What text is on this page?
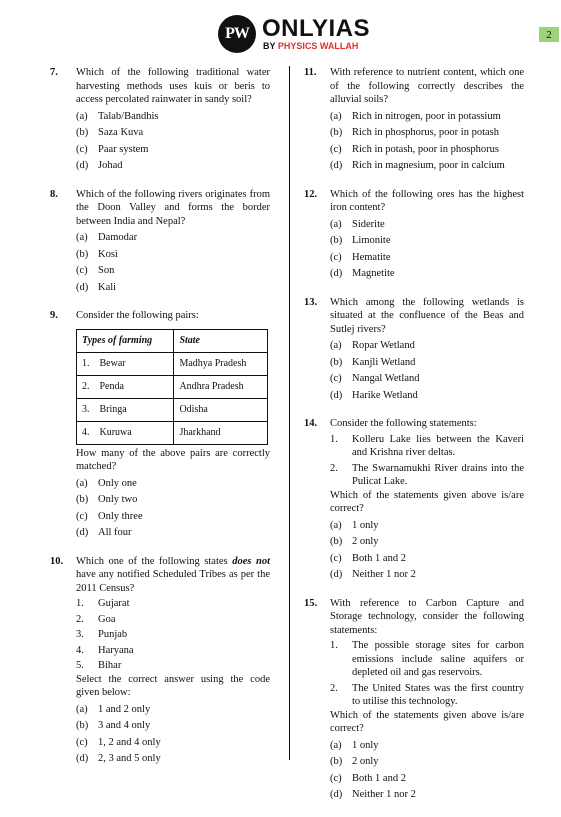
PW ONLYIAS
BY PHYSICS WALLAH
2
7. Which of the following traditional water harvesting methods uses kuis or beris to access percolated rainwater in sandy soil?
(a) Talab/Bandhis
(b) Saza Kuva
(c) Paar system
(d) Johad
8. Which of the following rivers originates from the Doon Valley and forms the border between India and Nepal?
(a) Damodar
(b) Kosi
(c) Son
(d) Kali
9. Consider the following pairs:
Types of farming	State
1. Bewar	Madhya Pradesh
2. Penda	Andhra Pradesh
3. Bringa	Odisha
4. Kuruwa	Jharkhand
How many of the above pairs are correctly matched?
(a) Only one
(b) Only two
(c) Only three
(d) All four
10. Which one of the following states does not have any notified Scheduled Tribes as per the 2011 Census?
1. Gujarat
2. Goa
3. Punjab
4. Haryana
5. Bihar
Select the correct answer using the code given below:
(a) 1 and 2 only
(b) 3 and 4 only
(c) 1, 2 and 4 only
(d) 2, 3 and 5 only
11. With reference to nutrient content, which one of the following correctly describes the alluvial soils?
(a) Rich in nitrogen, poor in potassium
(b) Rich in phosphorus, poor in potash
(c) Rich in potash, poor in phosphorus
(d) Rich in magnesium, poor in calcium
12. Which of the following ores has the highest iron content?
(a) Siderite
(b) Limonite
(c) Hematite
(d) Magnetite
13. Which among the following wetlands is situated at the confluence of the Beas and Sutlej rivers?
(a) Ropar Wetland
(b) Kanjli Wetland
(c) Nangal Wetland
(d) Harike Wetland
14. Consider the following statements:
1. Kolleru Lake lies between the Kaveri and Krishna river deltas.
2. The Swarnamukhi River drains into the Pulicat Lake.
Which of the statements given above is/are correct?
(a) 1 only
(b) 2 only
(c) Both 1 and 2
(d) Neither 1 nor 2
15. With reference to Carbon Capture and Storage technology, consider the following statements:
1. The possible storage sites for carbon emissions include saline aquifers or depleted oil and gas reservoirs.
2. The United States was the first country to utilise this technology.
Which of the statements given above is/are correct?
(a) 1 only
(b) 2 only
(c) Both 1 and 2
(d) Neither 1 nor 2
